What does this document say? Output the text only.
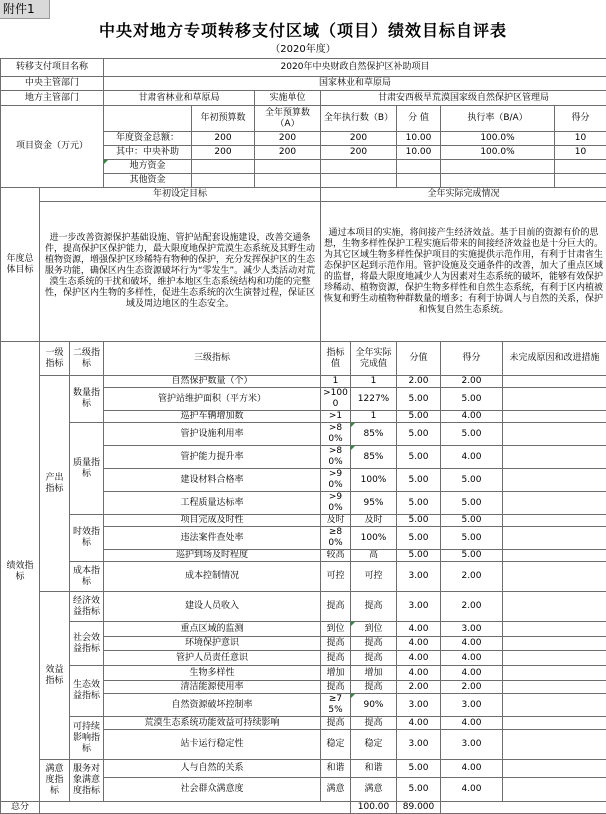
附件1
中央对地方专项转移支付区域（项目）绩效目标自评表
（2020年度）
转移支付项目名称			2020年中央财政自然保护区补助项目								
中央主管部门			国家林业和草原局								
地方主管部门			甘肃省林业和草原局		实施单位	甘肃安西极旱荒漠国家级自然保护区管理局					
项目资金（万元）				年初预算数	全年预算数（A）	全年执行数（B）		分 值	执行率（B/A）		得分
			年度资金总额：	200	200	200		10.00	100.0%		10
			其中：中央补助	200	200	200		10.00	100.0%		10
			地方资金								
			其他资金								
年度总体目标	年初设定目标					全年实际完成情况					
	进一步改善资源保护基础设施、管护站配套设施建设，改善交通条件，提高保护区保护能力，最大限度地保护荒漠生态系统及其野生动植物资源，增强保护区珍稀特有物种的保护，充分发挥保护区的生态服务功能，确保区内生态资源破坏行为“零发生”。减少人类活动对荒漠生态系统的干扰和破坏，维护本地区生态系统结构和功能的完整性，保护区内生物的多样性，促进生态系统的次生演替过程，保证区域及周边地区的生态安全。					通过本项目的实施，将间接产生经济效益。基于目前的资源有价的思想，生物多样性保护工程实施后带来的间接经济效益也是十分巨大的。为其它区域生物多样性保护项目的实施提供示范作用，有利于甘肃省生态保护区起到示范作用。管护设施及交通条件的改善，加大了重点区域的监督，将最大限度地减少人为因素对生态系统的破坏，能够有效保护珍稀动、植物资源，保护生物多样性和自然生态系统，有利于区内植被恢复和野生动植物种群数量的增多；有利于协调人与自然的关系，保护和恢复自然生态系统。					
绩效指标	一级指标	二级指标	三级指标			指标值	全年实际完成值	分值	得分	未完成原因和改进措施	
	产出指标	数量指标	自然保护数量（个）			1	1	2.00	2.00		
			管护站维护面积（平方米）			>1000	1227%	5.00	5.00		
			巡护车辆增加数			>1	1	5.00	4.00		
		质量指标	管护设施利用率			>80%	85%	5.00	5.00		
			管护能力提升率			>80%	85%	5.00	4.00		
			建设材料合格率			>90%	100%	5.00	5.00		
			工程质量达标率			>90%	95%	5.00	5.00		
		时效指标	项目完成及时性			及时	及时	5.00	5.00		
			违法案件查处率			≥80%	100%	5.00	5.00		
			巡护到场及时程度			较高	高	5.00	5.00		
		成本指标	成本控制情况			可控	可控	3.00	2.00		
	效益指标	经济效益指标	建设人员收入			提高	提高	3.00	2.00		
		社会效益指标	重点区域的监测			到位	到位	4.00	3.00		
			环境保护意识			提高	提高	4.00	4.00		
			管护人员责任意识			提高	提高	4.00	4.00		
		生态效益指标	生物多样性			增加	增加	4.00	4.00		
			清洁能源使用率			提高	提高	2.00	2.00		
			自然资源破坏控制率			≥75%	90%	3.00	3.00		
		可持续影响指标	荒漠生态系统功能效益可持续影响			提高	提高	4.00	4.00		
			站卡运行稳定性			稳定	稳定	3.00	3.00		
	满意度指标	服务对象满意度指标	人与自然的关系			和谐	和谐	5.00	4.00		
			社会群众满意度			满意	满意	5.00	4.00		
总分							100.00	89.000			
